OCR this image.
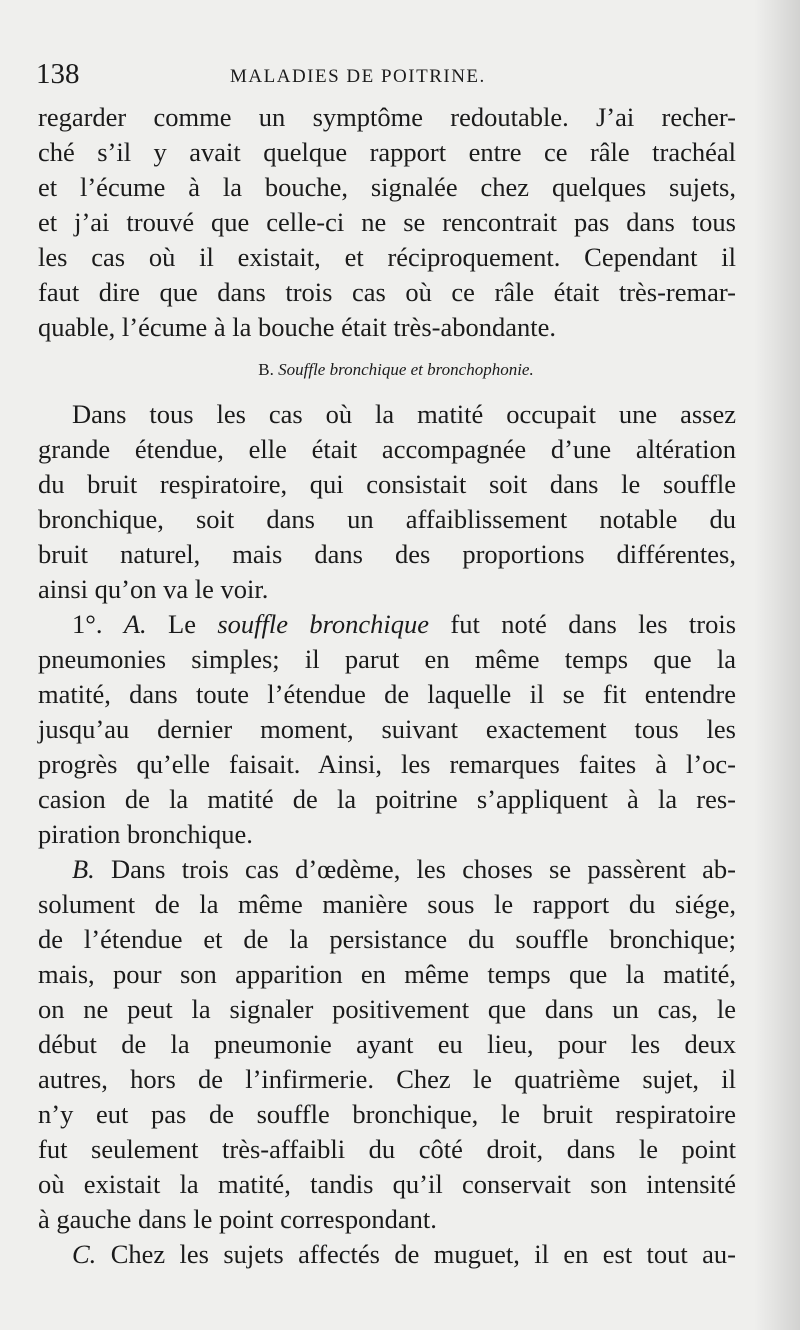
138	MALADIES DE POITRINE.
regarder comme un symptôme redoutable. J’ai recher-
ché s’il y avait quelque rapport entre ce râle trachéal
et l’écume à la bouche, signalée chez quelques sujets,
et j’ai trouvé que celle-ci ne se rencontrait pas dans tous
les cas où il existait, et réciproquement. Cependant il
faut dire que dans trois cas où ce râle était très-remar-
quable, l’écume à la bouche était très-abondante.
B. Souffle bronchique et bronchophonie.
Dans tous les cas où la matité occupait une assez
grande étendue, elle était accompagnée d’une altération
du bruit respiratoire, qui consistait soit dans le souffle
bronchique, soit dans un affaiblissement notable du
bruit naturel, mais dans des proportions différentes,
ainsi qu’on va le voir.
1°. A. Le souffle bronchique fut noté dans les trois
pneumonies simples; il parut en même temps que la
matité, dans toute l’étendue de laquelle il se fit entendre
jusqu’au dernier moment, suivant exactement tous les
progrès qu’elle faisait. Ainsi, les remarques faites à l’oc-
casion de la matité de la poitrine s’appliquent à la res-
piration bronchique.
B. Dans trois cas d’œdème, les choses se passèrent ab-
solument de la même manière sous le rapport du siége,
de l’étendue et de la persistance du souffle bronchique;
mais, pour son apparition en même temps que la matité,
on ne peut la signaler positivement que dans un cas, le
début de la pneumonie ayant eu lieu, pour les deux
autres, hors de l’infirmerie. Chez le quatrième sujet, il
n’y eut pas de souffle bronchique, le bruit respiratoire
fut seulement très-affaibli du côté droit, dans le point
où existait la matité, tandis qu’il conservait son intensité
à gauche dans le point correspondant.
C. Chez les sujets affectés de muguet, il en est tout au-
